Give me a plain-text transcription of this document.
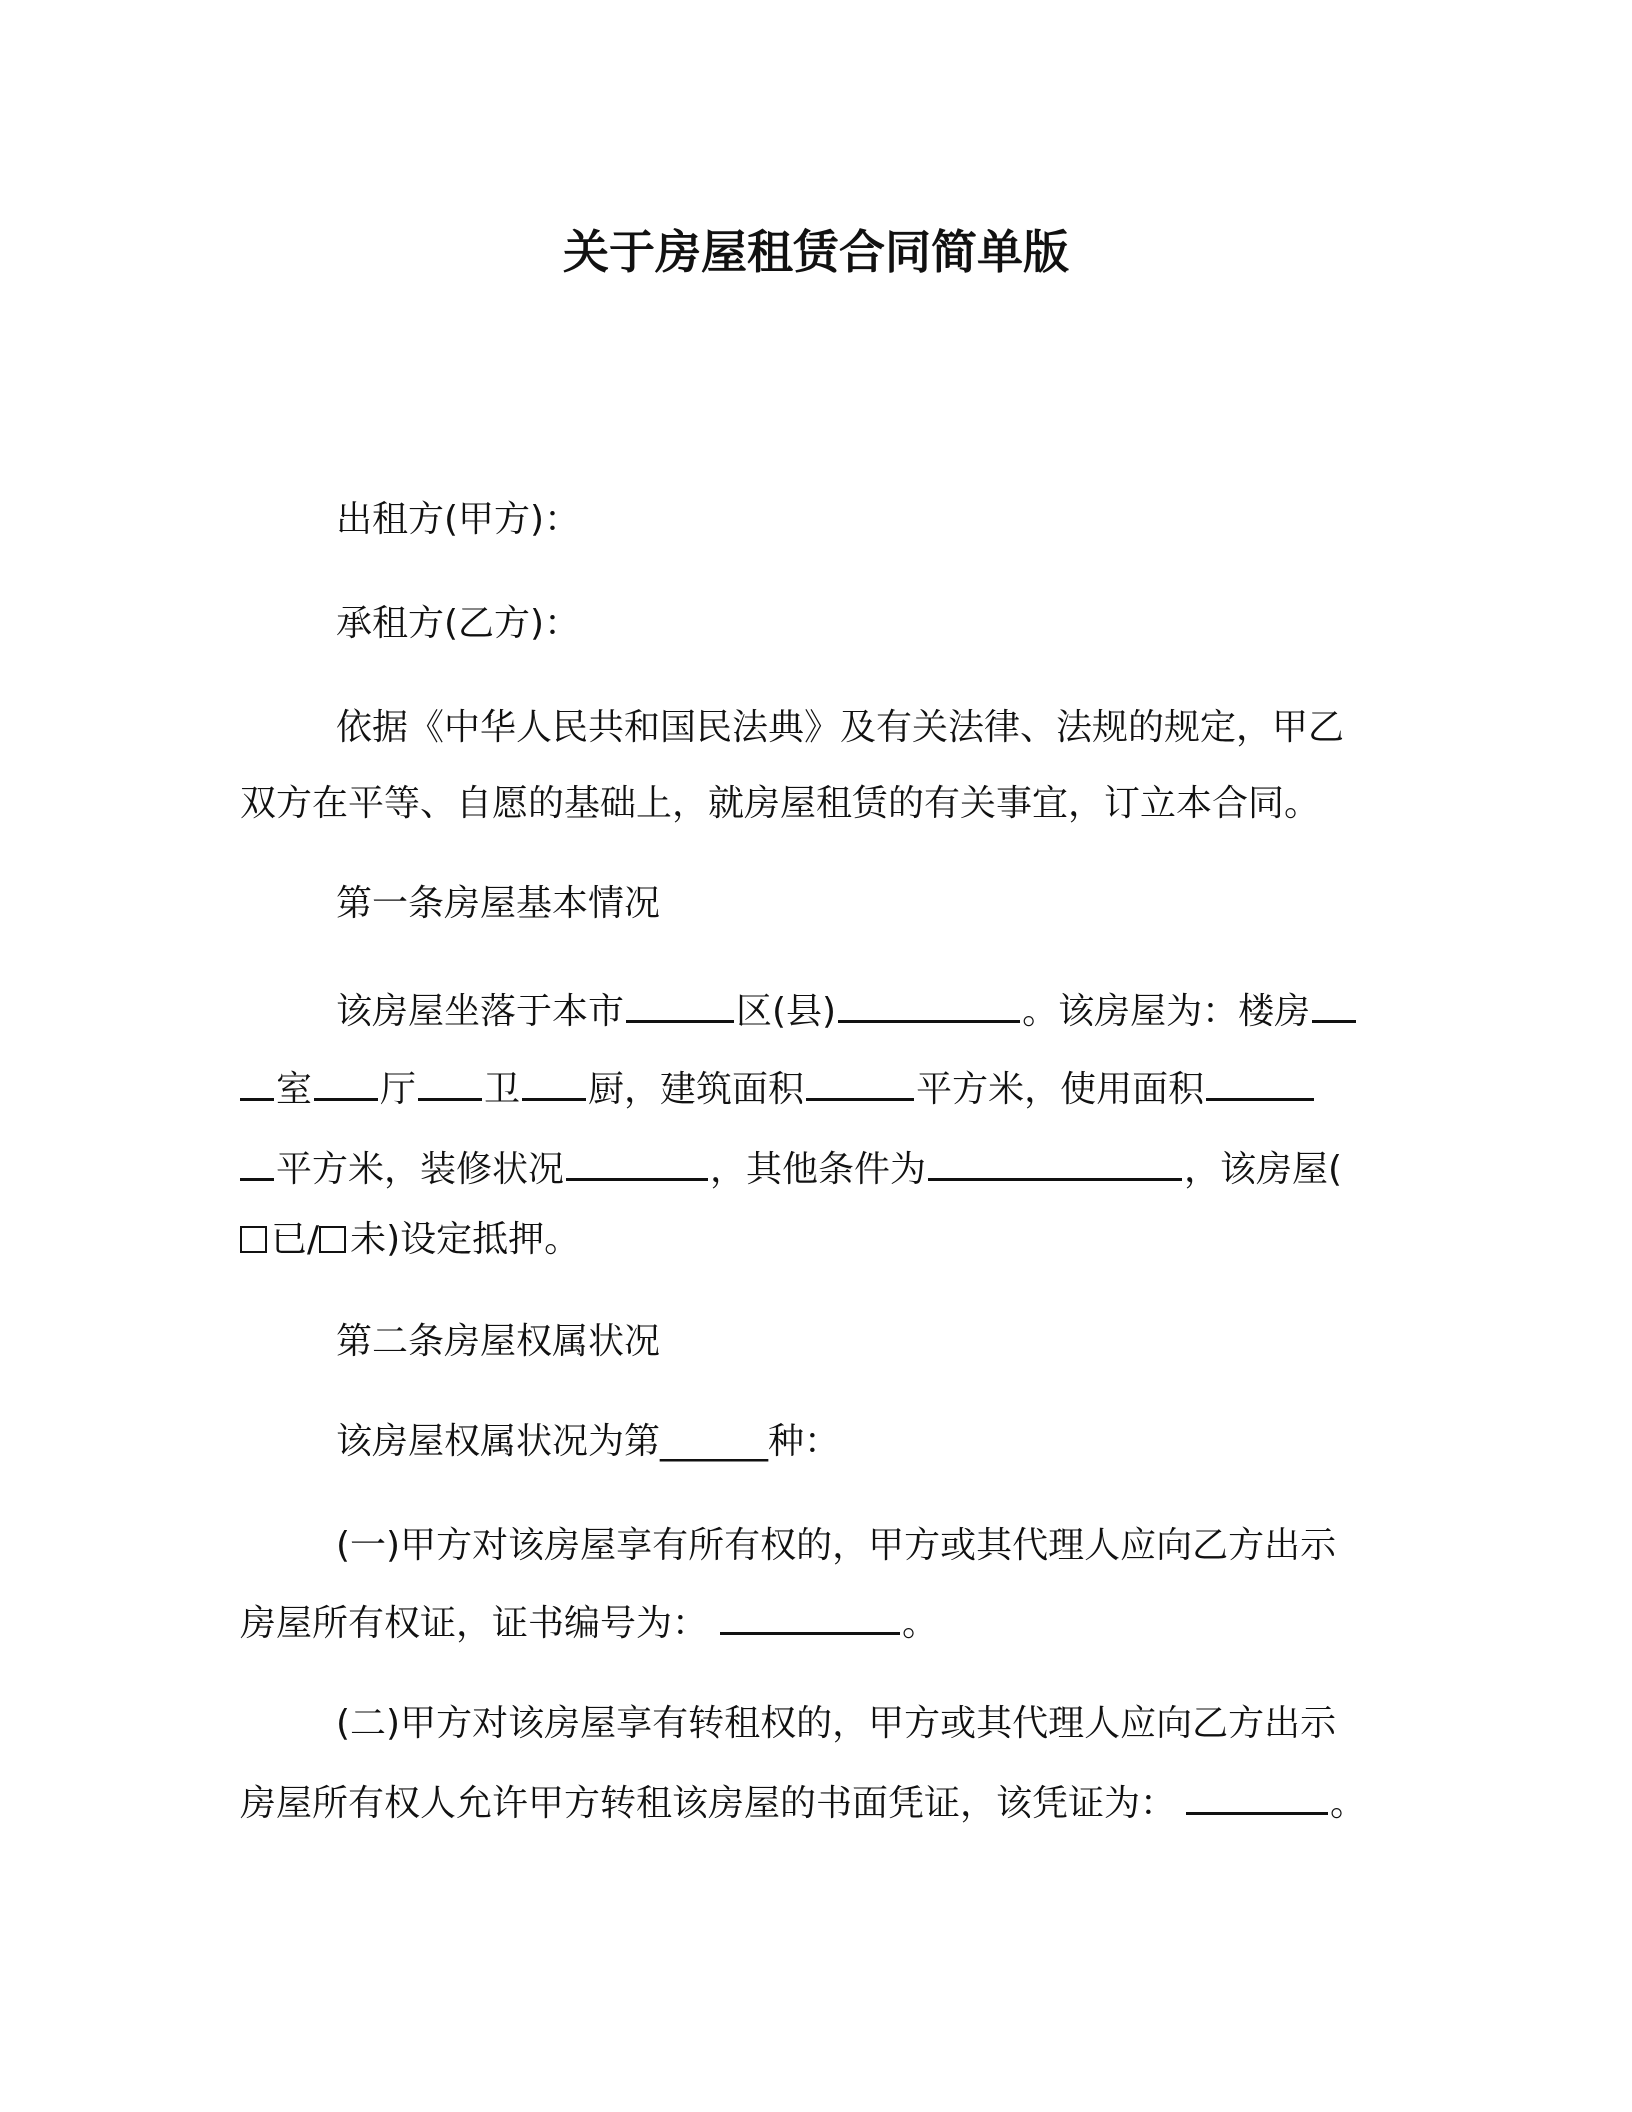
关于房屋租赁合同简单版
出租方(甲方)：
承租方(乙方)：
依据《中华人民共和国民法典》及有关法律、法规的规定，甲乙
双方在平等、自愿的基础上，就房屋租赁的有关事宜，订立本合同。
第一条房屋基本情况
该房屋坐落于本市	区(县)	。该房屋为：楼房
室 厅 卫 厨，建筑面积	平方米，使用面积
平方米，装修状况	，其他条件为	，该房屋(
已/ 未)设定抵押。
第二条房屋权属状况
该房屋权属状况为第______种：
(一)甲方对该房屋享有所有权的，甲方或其代理人应向乙方出示
房屋所有权证，证书编号为：	。
(二)甲方对该房屋享有转租权的，甲方或其代理人应向乙方出示
房屋所有权人允许甲方转租该房屋的书面凭证，该凭证为：	。
